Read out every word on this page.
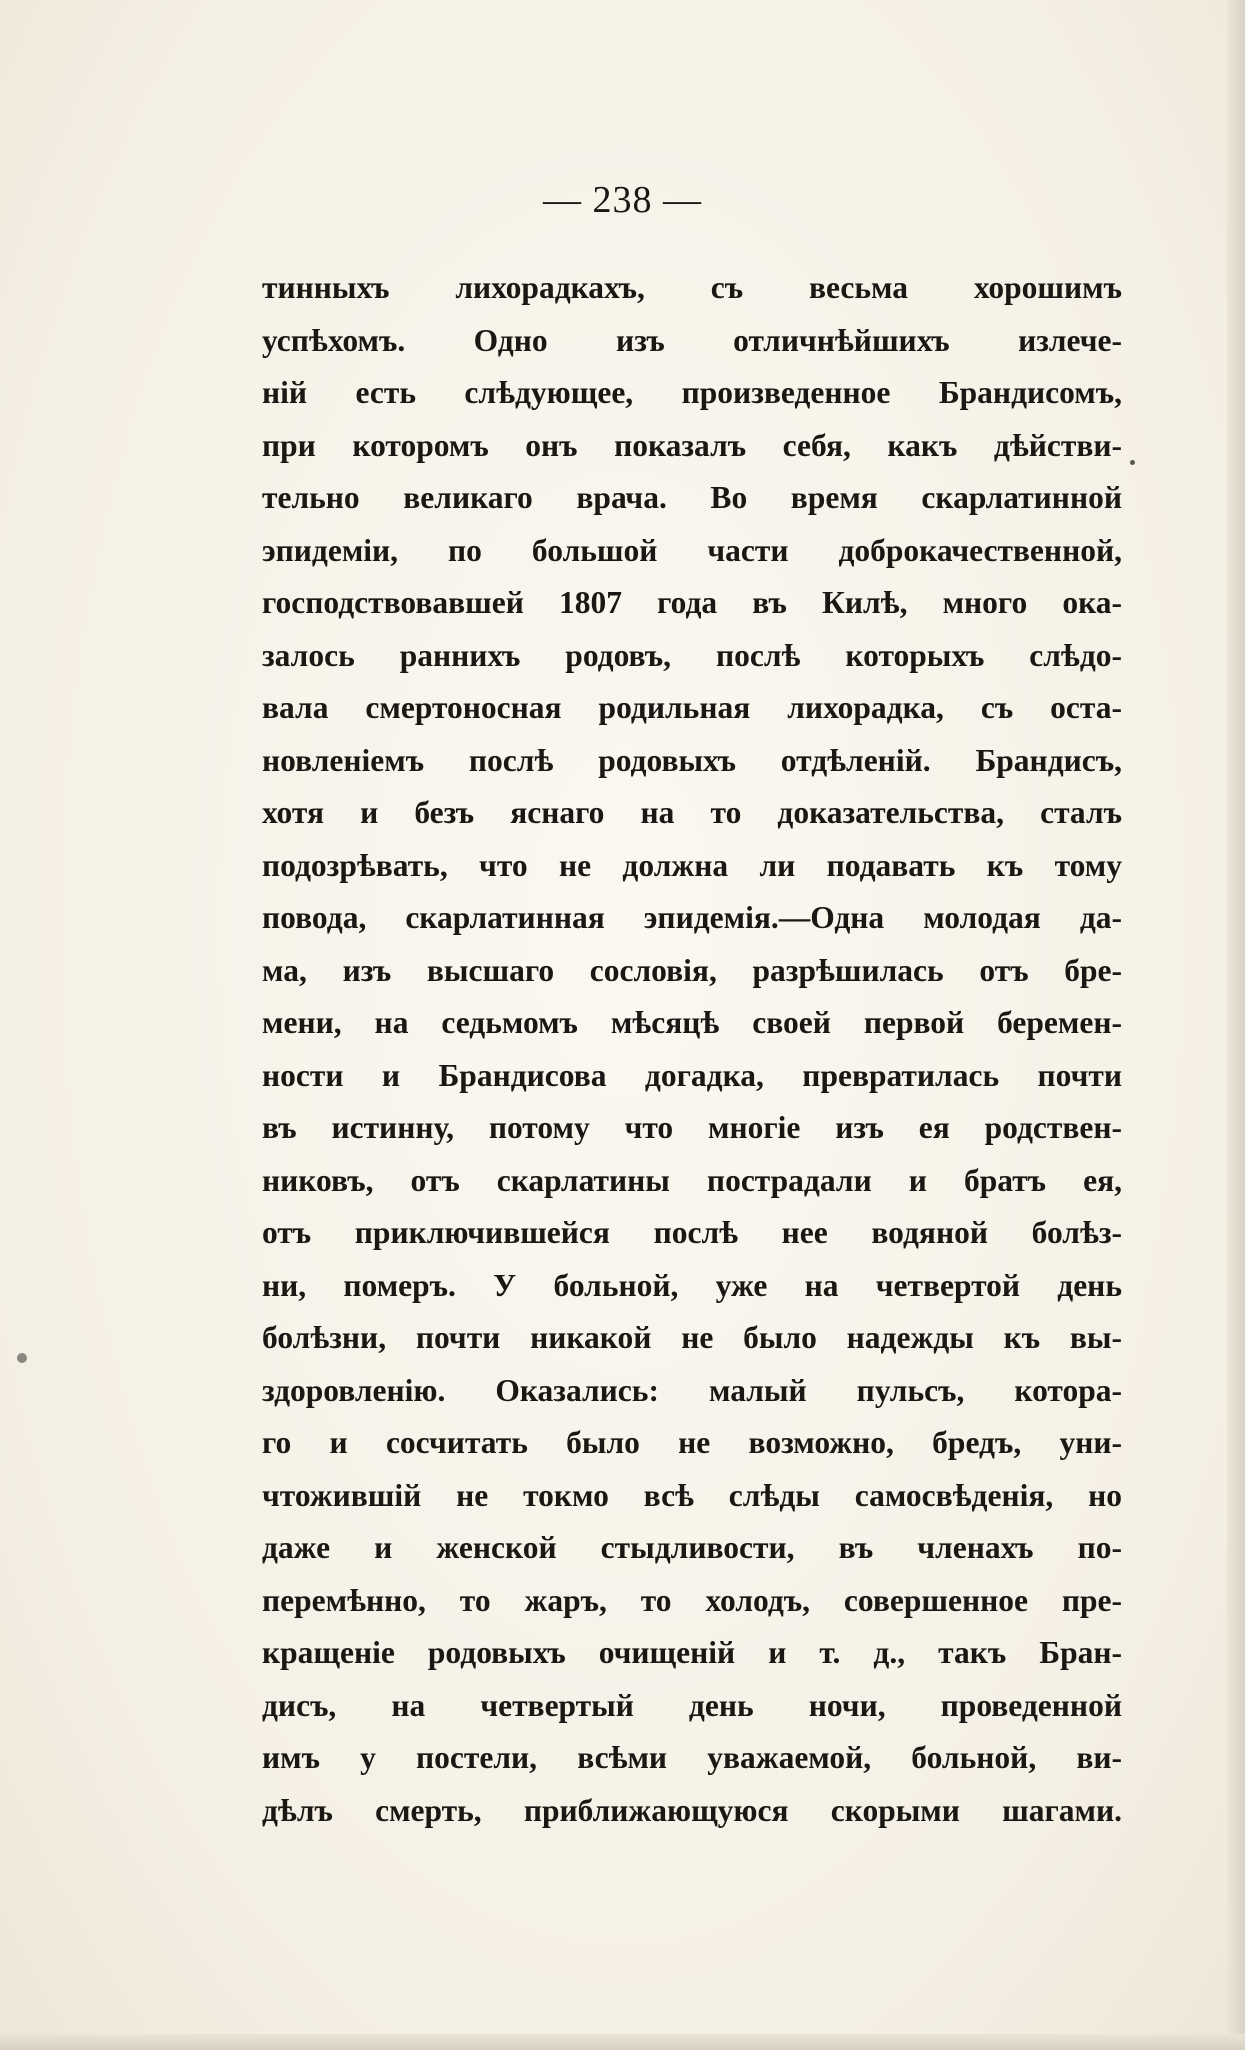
— 238 —
тинныхъ лихорадкахъ, съ весьма хорошимъ
успѣхомъ. Одно изъ отличнѣйшихъ излече-
ній есть слѣдующее, произведенное Брандисомъ,
при которомъ онъ показалъ себя, какъ дѣйстви-
тельно великаго врача. Во время скарлатинной
эпидеміи, по большой части доброкачественной,
господствовавшей 1807 года въ Килѣ, много ока-
залось раннихъ родовъ, послѣ которыхъ слѣдо-
вала смертоносная родильная лихорадка, съ оста-
новленіемъ послѣ родовыхъ отдѣленій. Брандисъ,
хотя и безъ яснаго на то доказательства, сталъ
подозрѣвать, что не должна ли подавать къ тому
повода, скарлатинная эпидемія.—Одна молодая да-
ма, изъ высшаго сословія, разрѣшилась отъ бре-
мени, на седьмомъ мѣсяцѣ своей первой беремен-
ности и Брандисова догадка, превратилась почти
въ истинну, потому что многіе изъ ея родствен-
никовъ, отъ скарлатины пострадали и братъ ея,
отъ приключившейся послѣ нее водяной болѣз-
ни, померъ. У больной, уже на четвертой день
болѣзни, почти никакой не было надежды къ вы-
здоровленію. Оказались: малый пульсъ, котора-
го и сосчитать было не возможно, бредъ, уни-
чтожившій не токмо всѣ слѣды самосвѣденія, но
даже и женской стыдливости, въ членахъ по-
перемѣнно, то жаръ, то холодъ, совершенное пре-
кращеніе родовыхъ очищеній и т. д., такъ Бран-
дисъ, на четвертый день ночи, проведенной
имъ у постели, всѣми уважаемой, больной, ви-
дѣлъ смерть, приближающуюся скорыми шагами.
